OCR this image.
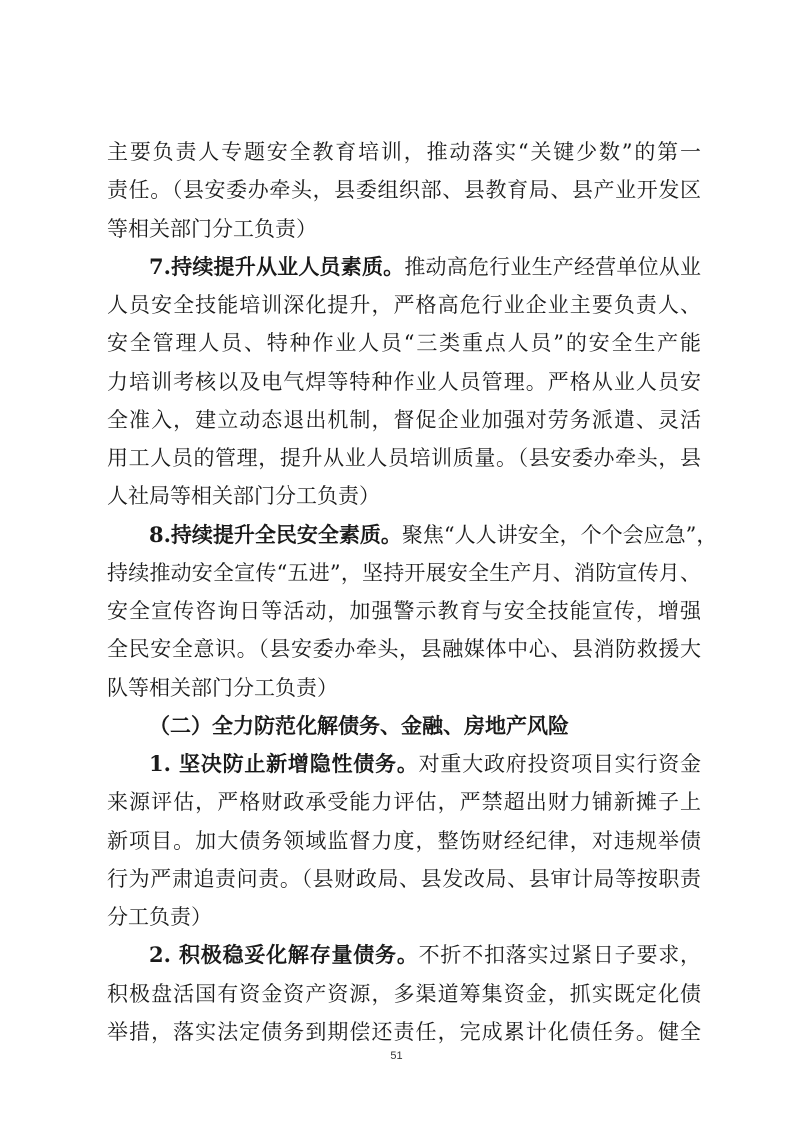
主要负责人专题安全教育培训，推动落实“关键少数”的第一
责任。（县安委办牵头，县委组织部、县教育局、县产业开发区
等相关部门分工负责）
7.持续提升从业人员素质。推动高危行业生产经营单位从业
人员安全技能培训深化提升，严格高危行业企业主要负责人、
安全管理人员、特种作业人员“三类重点人员”的安全生产能
力培训考核以及电气焊等特种作业人员管理。严格从业人员安
全准入，建立动态退出机制，督促企业加强对劳务派遣、灵活
用工人员的管理，提升从业人员培训质量。（县安委办牵头，县
人社局等相关部门分工负责）
8.持续提升全民安全素质。聚焦“人人讲安全，个个会应急”，
持续推动安全宣传“五进”，坚持开展安全生产月、消防宣传月、
安全宣传咨询日等活动，加强警示教育与安全技能宣传，增强
全民安全意识。（县安委办牵头，县融媒体中心、县消防救援大
队等相关部门分工负责）
（二）全力防范化解债务、金融、房地产风险
1. 坚决防止新增隐性债务。对重大政府投资项目实行资金
来源评估，严格财政承受能力评估，严禁超出财力铺新摊子上
新项目。加大债务领域监督力度，整饬财经纪律，对违规举债
行为严肃追责问责。（县财政局、县发改局、县审计局等按职责
分工负责）
2. 积极稳妥化解存量债务。不折不扣落实过紧日子要求，
积极盘活国有资金资产资源，多渠道筹集资金，抓实既定化债
举措，落实法定债务到期偿还责任，完成累计化债任务。健全
51
